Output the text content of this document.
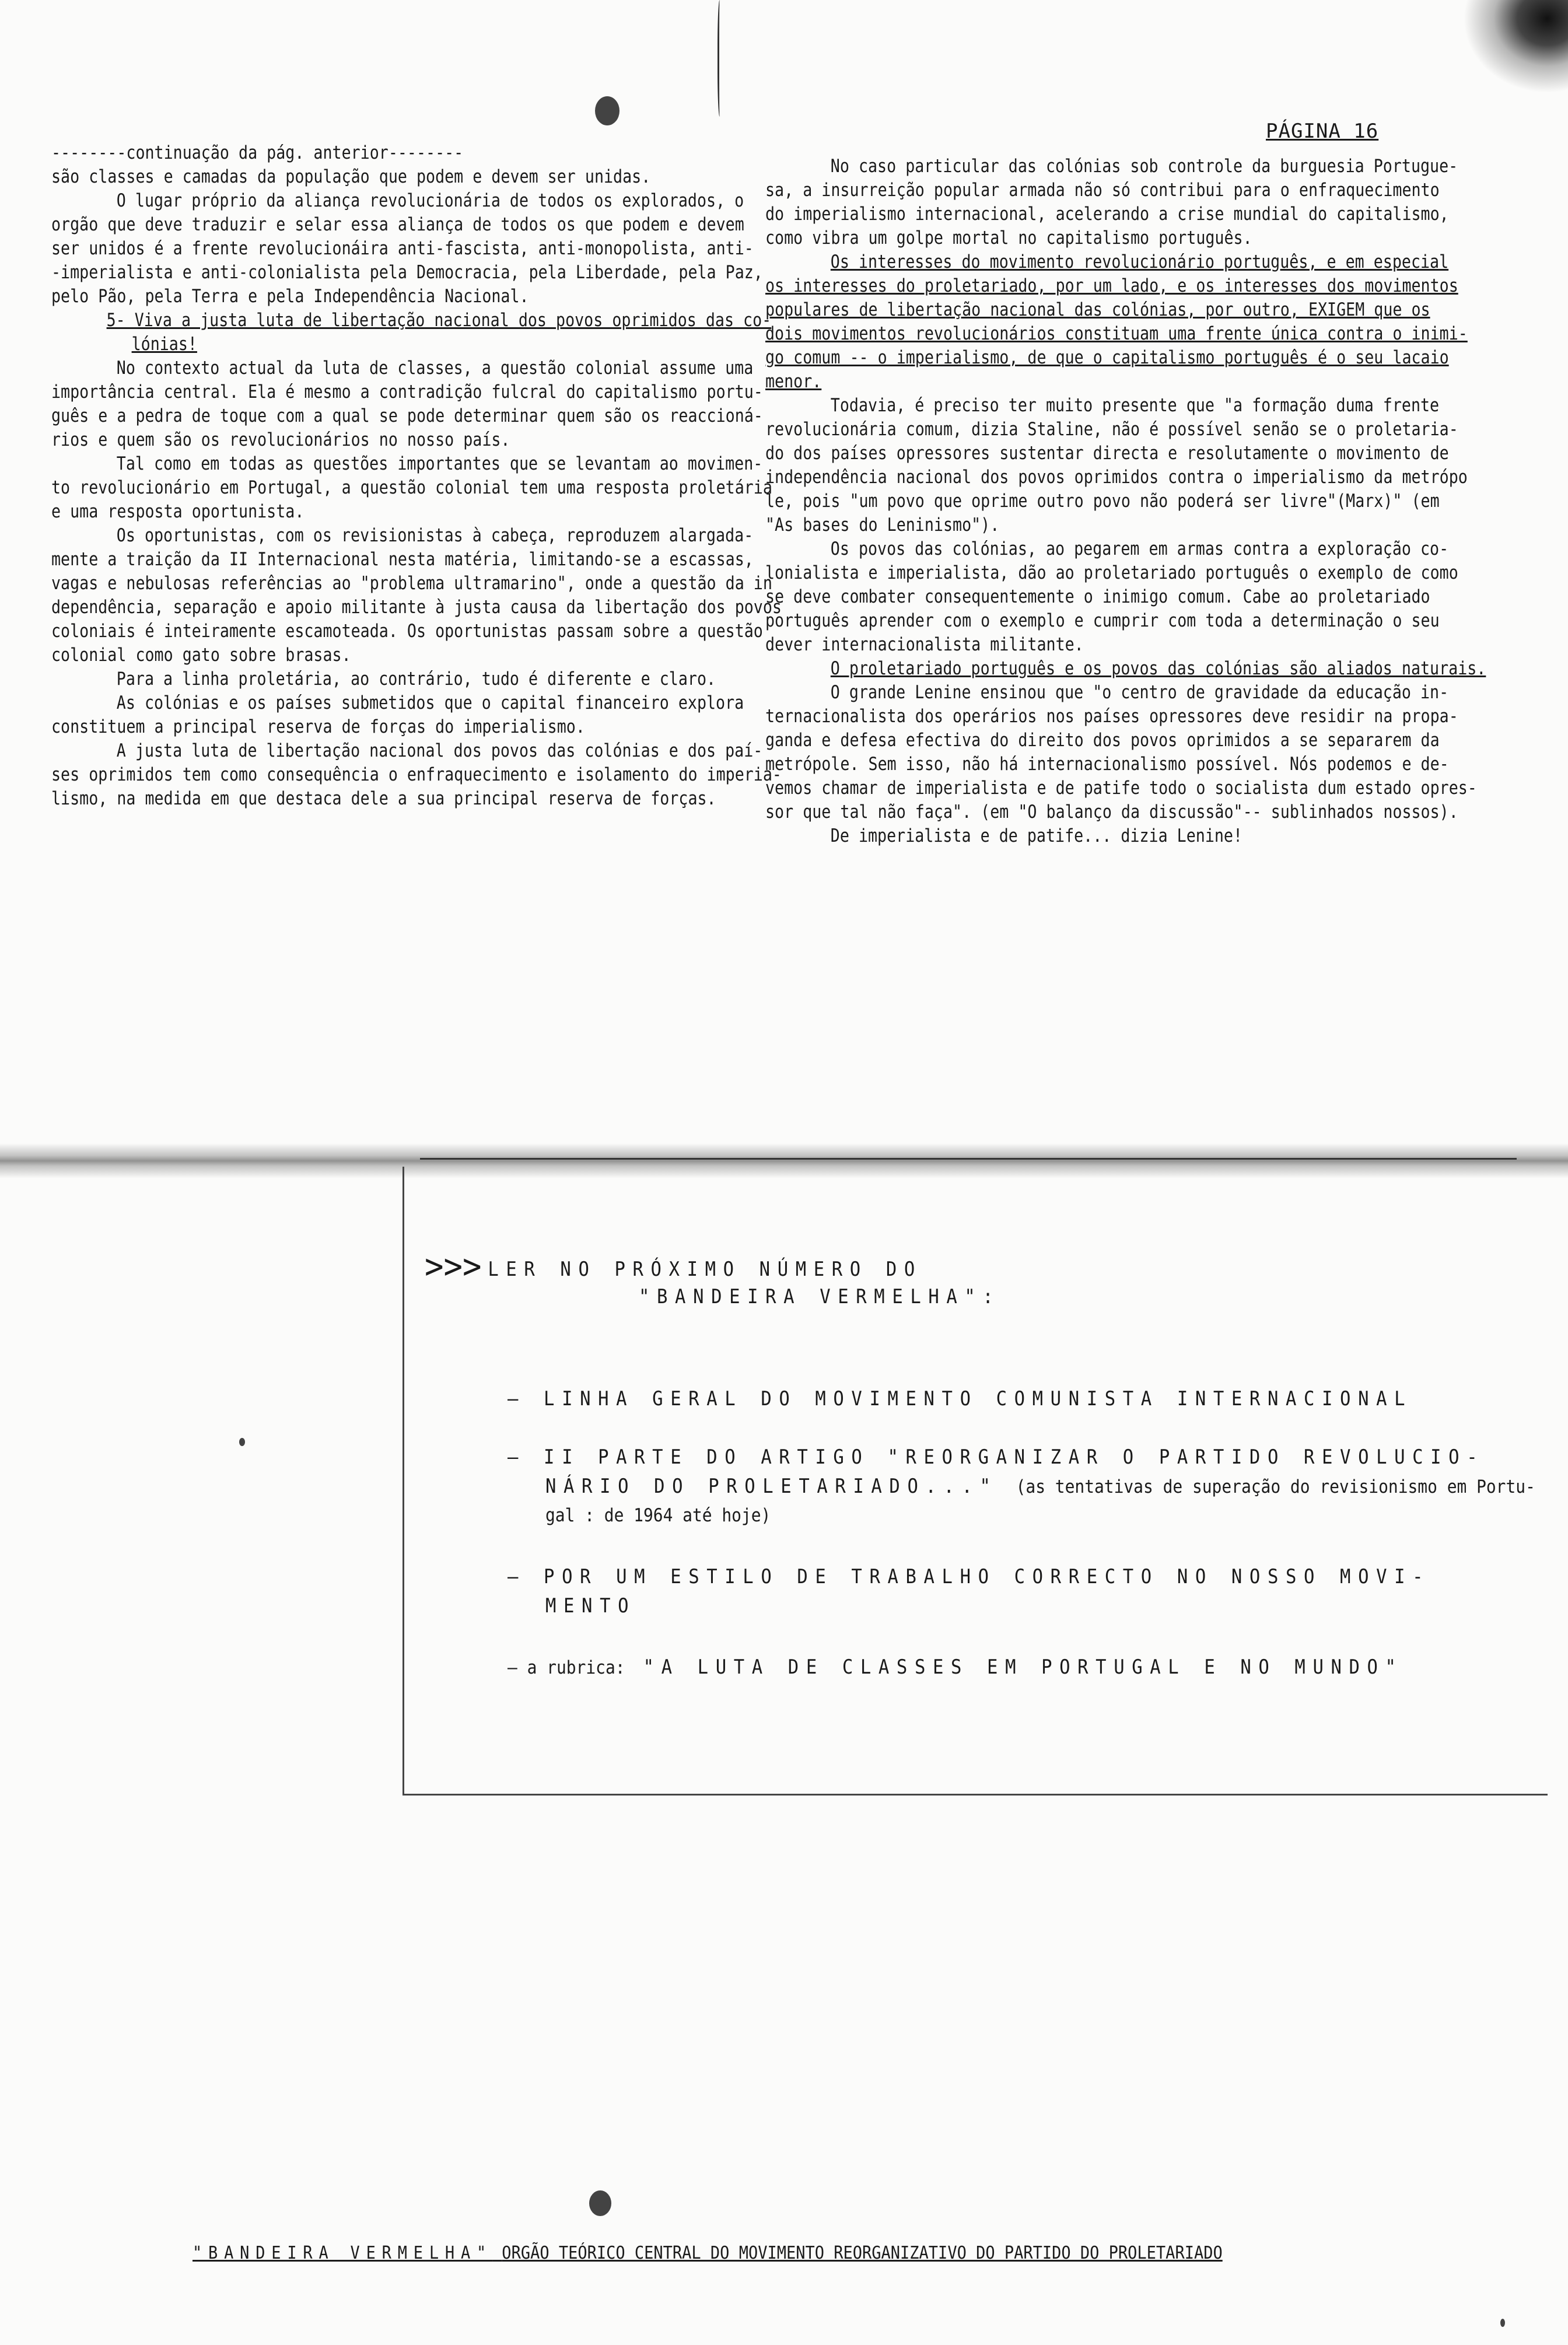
PÁGINA 16

--------continuação da pág. anterior--------

são classes e camadas da população que podem e devem ser unidas.

O lugar próprio da aliança revolucionária de todos os explorados, o

orgão que deve traduzir e selar essa aliança de todos os que podem e devem

ser unidos é a frente revolucionáira anti-fascista, anti-monopolista, anti-

-imperialista e anti-colonialista pela Democracia, pela Liberdade, pela Paz,

pelo Pão, pela Terra e pela Independência Nacional.

5- Viva a justa luta de libertação nacional dos povos oprimidos das co-

lónias!

No contexto actual da luta de classes, a questão colonial assume uma

importância central. Ela é mesmo a contradição fulcral do capitalismo portu-

guês e a pedra de toque com a qual se pode determinar quem são os reaccioná-

rios e quem são os revolucionários no nosso país.

Tal como em todas as questões importantes que se levantam ao movimen-

to revolucionário em Portugal, a questão colonial tem uma resposta proletária

e uma resposta oportunista.

Os oportunistas, com os revisionistas à cabeça, reproduzem alargada-

mente a traição da II Internacional nesta matéria, limitando-se a escassas,

vagas e nebulosas referências ao "problema ultramarino", onde a questão da in

dependência, separação e apoio militante à justa causa da libertação dos povos

coloniais é inteiramente escamoteada. Os oportunistas passam sobre a questão

colonial como gato sobre brasas.

Para a linha proletária, ao contrário, tudo é diferente e claro.

As colónias e os países submetidos que o capital financeiro explora

constituem a principal reserva de forças do imperialismo.

A justa luta de libertação nacional dos povos das colónias e dos paí-

ses oprimidos tem como consequência o enfraquecimento e isolamento do imperia-

lismo, na medida em que destaca dele a sua principal reserva de forças.

No caso particular das colónias sob controle da burguesia Portugue-

sa, a insurreição popular armada não só contribui para o enfraquecimento

do imperialismo internacional, acelerando a crise mundial do capitalismo,

como vibra um golpe mortal no capitalismo português.

Os interesses do movimento revolucionário português, e em especial

os interesses do proletariado, por um lado, e os interesses dos movimentos

populares de libertação nacional das colónias, por outro, EXIGEM que os

dois movimentos revolucionários constituam uma frente única contra o inimi-

go comum -- o imperialismo, de que o capitalismo português é o seu lacaio

menor.

Todavia, é preciso ter muito presente que "a formação duma frente

revolucionária comum, dizia Staline, não é possível senão se o proletaria-

do dos países opressores sustentar directa e resolutamente o movimento de

independência nacional dos povos oprimidos contra o imperialismo da metrópo

le, pois "um povo que oprime outro povo não poderá ser livre"(Marx)" (em

"As bases do Leninismo").

Os povos das colónias, ao pegarem em armas contra a exploração co-

lonialista e imperialista, dão ao proletariado português o exemplo de como

se deve combater consequentemente o inimigo comum. Cabe ao proletariado

português aprender com o exemplo e cumprir com toda a determinação o seu

dever internacionalista militante.

O proletariado português e os povos das colónias são aliados naturais.

O grande Lenine ensinou que "o centro de gravidade da educação in-

ternacionalista dos operários nos países opressores deve residir na propa-

ganda e defesa efectiva do direito dos povos oprimidos a se separarem da

metrópole. Sem isso, não há internacionalismo possível. Nós podemos e de-

vemos chamar de imperialista e de patife todo o socialista dum estado opres-

sor que tal não faça". (em "O balanço da discussão"-- sublinhados nossos).

De imperialista e de patife... dizia Lenine!

>>> LER NO PRÓXIMO NÚMERO DO
"BANDEIRA VERMELHA":
— LINHA GERAL DO MOVIMENTO COMUNISTA INTERNACIONAL
— II PARTE DO ARTIGO "REORGANIZAR O PARTIDO REVOLUCIO-
NÁRIO DO PROLETARIADO..." (as tentativas de superação do revisionismo em Portu-
gal : de 1964 até hoje)
— POR UM ESTILO DE TRABALHO CORRECTO NO NOSSO MOVI-
MENTO
— a rubrica: "A LUTA DE CLASSES EM PORTUGAL E NO MUNDO"
"BANDEIRA VERMELHA" ORGÃO TEÓRICO CENTRAL DO MOVIMENTO REORGANIZATIVO DO PARTIDO DO PROLETARIADO
